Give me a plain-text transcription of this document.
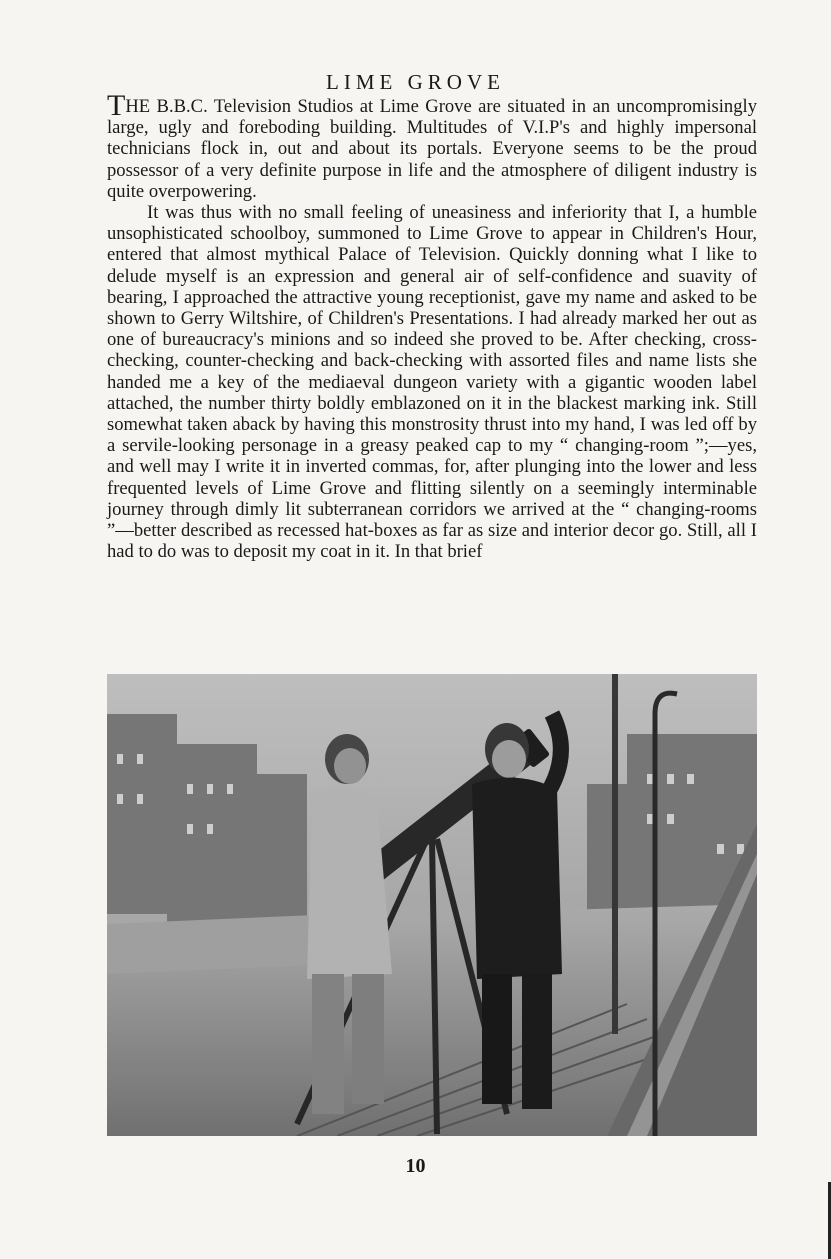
LIME GROVE

THE B.B.C. Television Studios at Lime Grove are situated in an uncompromisingly large, ugly and foreboding building. Multitudes of V.I.P's and highly impersonal technicians flock in, out and about its portals. Everyone seems to be the proud possessor of a very definite purpose in life and the atmosphere of diligent industry is quite overpowering.

It was thus with no small feeling of uneasiness and inferiority that I, a humble unsophisticated schoolboy, summoned to Lime Grove to appear in Children's Hour, entered that almost mythical Palace of Television. Quickly donning what I like to delude myself is an expression and general air of self-confidence and suavity of bearing, I approached the attractive young receptionist, gave my name and asked to be shown to Gerry Wiltshire, of Children's Presentations. I had already marked her out as one of bureaucracy's minions and so indeed she proved to be. After checking, cross-checking, counter-checking and back-checking with assorted files and name lists she handed me a key of the mediaeval dungeon variety with a gigantic wooden label attached, the number thirty boldly emblazoned on it in the blackest marking ink. Still somewhat taken aback by having this monstrosity thrust into my hand, I was led off by a servile-looking personage in a greasy peaked cap to my “ changing-room ”;—yes, and well may I write it in inverted commas, for, after plunging into the lower and less frequented levels of Lime Grove and flitting silently on a seemingly interminable journey through dimly lit subterranean corridors we arrived at the “ changing-rooms ”—better described as recessed hat-boxes as far as size and interior decor go. Still, all I had to do was to deposit my coat in it. In that brief

10
